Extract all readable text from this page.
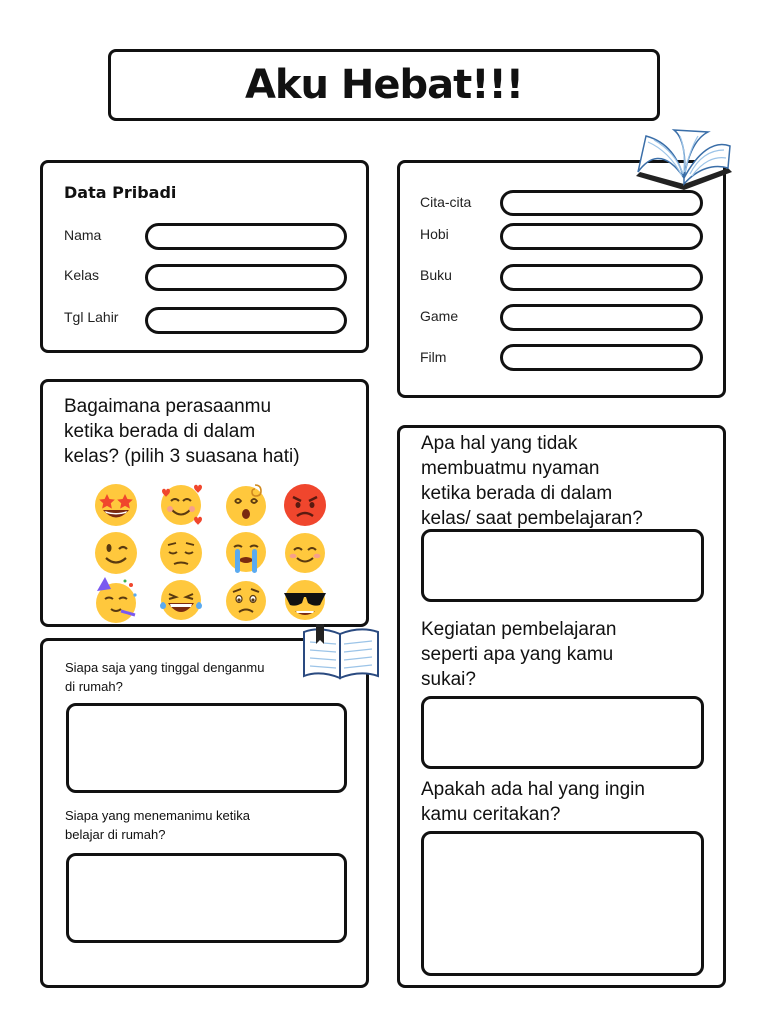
Aku Hebat!!!
Data Pribadi
Nama
Kelas
Tgl Lahir
Cita-cita
Hobi
Buku
Game
Film
Bagaimana perasaanmu
ketika berada di dalam
kelas? (pilih 3 suasana hati)
Siapa saja yang tinggal denganmu
di rumah?
Siapa yang menemanimu ketika
belajar di rumah?
Apa hal yang tidak
membuatmu nyaman
ketika berada di dalam
kelas/ saat pembelajaran?
Kegiatan pembelajaran
seperti apa yang kamu
sukai?
Apakah ada hal yang ingin
kamu ceritakan?
